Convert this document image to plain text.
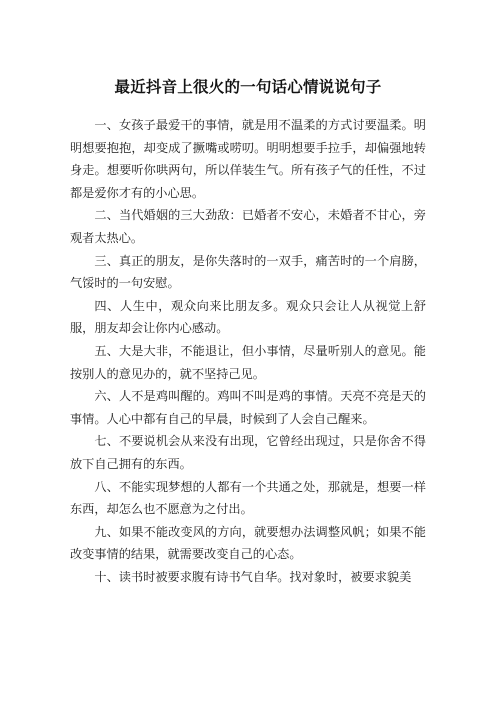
最近抖音上很火的一句话心情说说句子

一、女孩子最爱干的事情，就是用不温柔的方式讨要温柔。明明想要抱抱，却变成了撅嘴或唠叨。明明想要手拉手，却偏强地转身走。想要听你哄两句，所以佯装生气。所有孩子气的任性，不过都是爱你才有的小心思。

二、当代婚姻的三大劲敌：已婚者不安心，未婚者不甘心，旁观者太热心。

三、真正的朋友，是你失落时的一双手，痛苦时的一个肩膀，气馁时的一句安慰。

四、人生中，观众向来比朋友多。观众只会让人从视觉上舒服，朋友却会让你内心感动。

五、大是大非，不能退让，但小事情，尽量听别人的意见。能按别人的意见办的，就不坚持己见。

六、人不是鸡叫醒的。鸡叫不叫是鸡的事情。天亮不亮是天的事情。人心中都有自己的早晨，时候到了人会自己醒来。

七、不要说机会从来没有出现，它曾经出现过，只是你舍不得放下自己拥有的东西。

八、不能实现梦想的人都有一个共通之处，那就是，想要一样东西，却怎么也不愿意为之付出。

九、如果不能改变风的方向，就要想办法调整风帆；如果不能改变事情的结果，就需要改变自己的心态。

十、读书时被要求腹有诗书气自华。找对象时，被要求貌美
